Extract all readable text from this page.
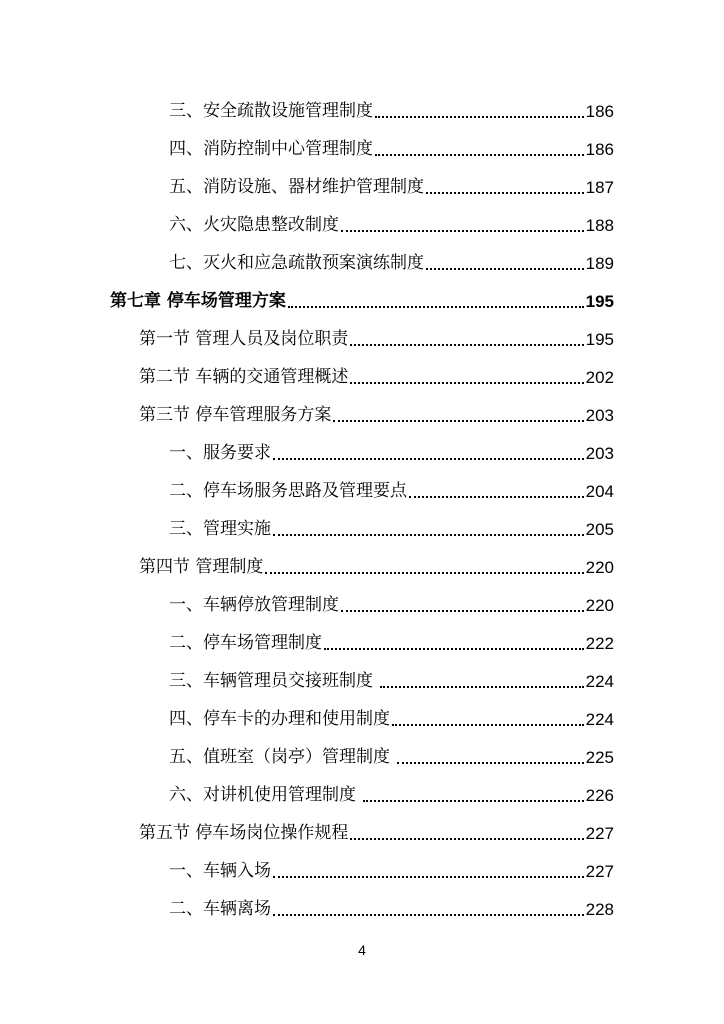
三、安全疏散设施管理制度	186
四、消防控制中心管理制度	186
五、消防设施、器材维护管理制度	187
六、火灾隐患整改制度	188
七、灭火和应急疏散预案演练制度	189
第七章 停车场管理方案	195
第一节 管理人员及岗位职责	195
第二节 车辆的交通管理概述	202
第三节 停车管理服务方案	203
一、服务要求	203
二、停车场服务思路及管理要点	204
三、管理实施	205
第四节 管理制度	220
一、车辆停放管理制度	220
二、停车场管理制度	222
三、车辆管理员交接班制度	224
四、停车卡的办理和使用制度	224
五、值班室（岗亭）管理制度	225
六、对讲机使用管理制度	226
第五节 停车场岗位操作规程	227
一、车辆入场	227
二、车辆离场	228
4
